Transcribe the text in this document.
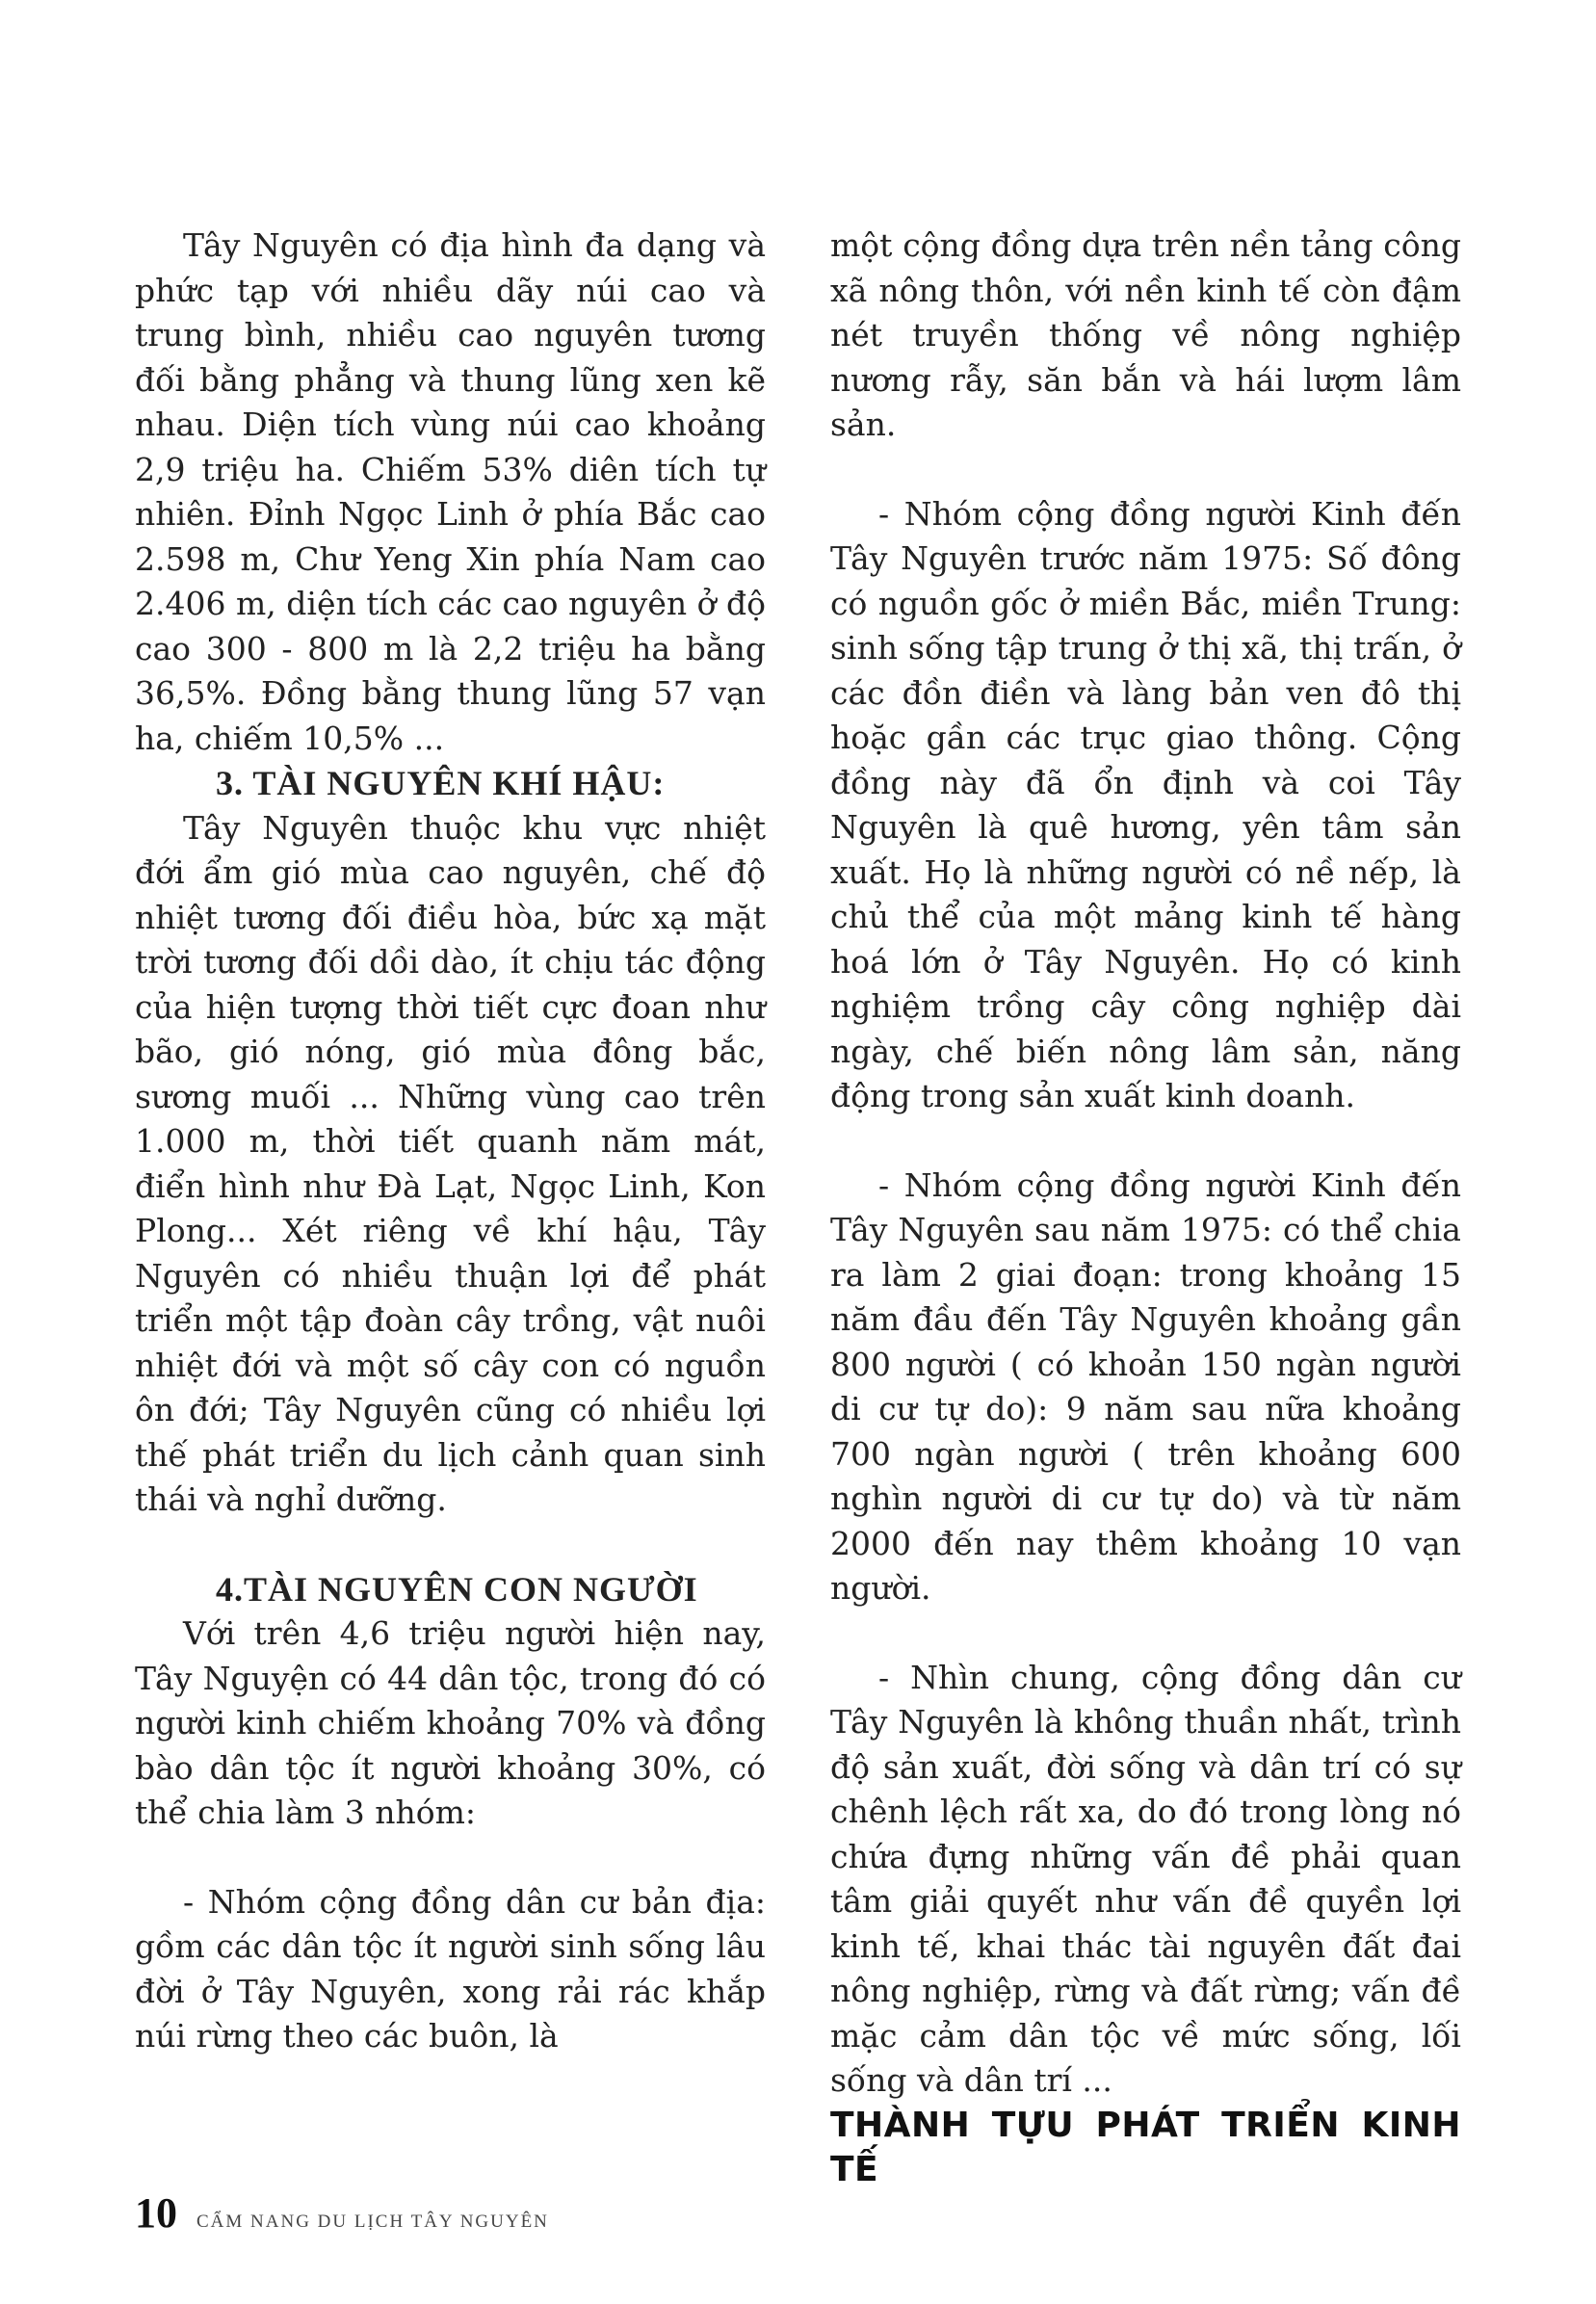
Tây Nguyên có địa hình đa dạng và phức tạp với nhiều dãy núi cao và trung bình, nhiều cao nguyên tương đối bằng phẳng và thung lũng xen kẽ nhau. Diện tích vùng núi cao khoảng 2,9 triệu ha. Chiếm 53% diên tích tự nhiên. Đỉnh Ngọc Linh ở phía Bắc cao 2.598 m, Chư Yeng Xin phía Nam cao 2.406 m, diện tích các cao nguyên ở độ cao 300 - 800 m là 2,2 triệu ha bằng 36,5%. Đồng bằng thung lũng 57 vạn ha, chiếm 10,5% ...

3. TÀI NGUYÊN KHÍ HẬU:

Tây Nguyên thuộc khu vực nhiệt đới ẩm gió mùa cao nguyên, chế độ nhiệt tương đối điều hòa, bức xạ mặt trời tương đối dồi dào, ít chịu tác động của hiện tượng thời tiết cực đoan như bão, gió nóng, gió mùa đông bắc, sương muối ... Những vùng cao trên 1.000 m, thời tiết quanh năm mát, điển hình như Đà Lạt, Ngọc Linh, Kon Plong... Xét riêng về khí hậu, Tây Nguyên có nhiều thuận lợi để phát triển một tập đoàn cây trồng, vật nuôi nhiệt đới và một số cây con có nguồn ôn đới; Tây Nguyên cũng có nhiều lợi thế phát triển du lịch cảnh quan sinh thái và nghỉ dưỡng.

4.TÀI NGUYÊN CON NGƯỜI

Với trên 4,6 triệu người hiện nay, Tây Nguyện có 44 dân tộc, trong đó có người kinh chiếm khoảng 70% và đồng bào dân tộc ít người khoảng 30%, có thể chia làm 3 nhóm:

- Nhóm cộng đồng dân cư bản địa: gồm các dân tộc ít người sinh sống lâu đời ở Tây Nguyên, xong rải rác khắp núi rừng theo các buôn, là

một cộng đồng dựa trên nền tảng công xã nông thôn, với nền kinh tế còn đậm nét truyền thống về nông nghiệp nương rẫy, săn bắn và hái lượm lâm sản.

- Nhóm cộng đồng người Kinh đến Tây Nguyên trước năm 1975: Số đông có nguồn gốc ở miền Bắc, miền Trung: sinh sống tập trung ở thị xã, thị trấn, ở các đồn điền và làng bản ven đô thị hoặc gần các trục giao thông. Cộng đồng này đã ổn định và coi Tây Nguyên là quê hương, yên tâm sản xuất. Họ là những người có nề nếp, là chủ thể của một mảng kinh tế hàng hoá lớn ở Tây Nguyên. Họ có kinh nghiệm trồng cây công nghiệp dài ngày, chế biến nông lâm sản, năng động trong sản xuất kinh doanh.

- Nhóm cộng đồng người Kinh đến Tây Nguyên sau năm 1975: có thể chia ra làm 2 giai đoạn: trong khoảng 15 năm đầu đến Tây Nguyên khoảng gần 800 người ( có khoản 150 ngàn người di cư tự do): 9 năm sau nữa khoảng 700 ngàn người ( trên khoảng 600 nghìn người di cư tự do) và từ năm 2000 đến nay thêm khoảng 10 vạn người.

- Nhìn chung, cộng đồng dân cư Tây Nguyên là không thuần nhất, trình độ sản xuất, đời sống và dân trí có sự chênh lệch rất xa, do đó trong lòng nó chứa đựng những vấn đề phải quan tâm giải quyết như vấn đề quyền lợi kinh tế, khai thác tài nguyên đất đai nông nghiệp, rừng và đất rừng; vấn đề mặc cảm dân tộc về mức sống, lối sống và dân trí ...

THÀNH TỰU PHÁT TRIỂN KINH TẾ

10 CẨM NANG DU LỊCH TÂY NGUYÊN
